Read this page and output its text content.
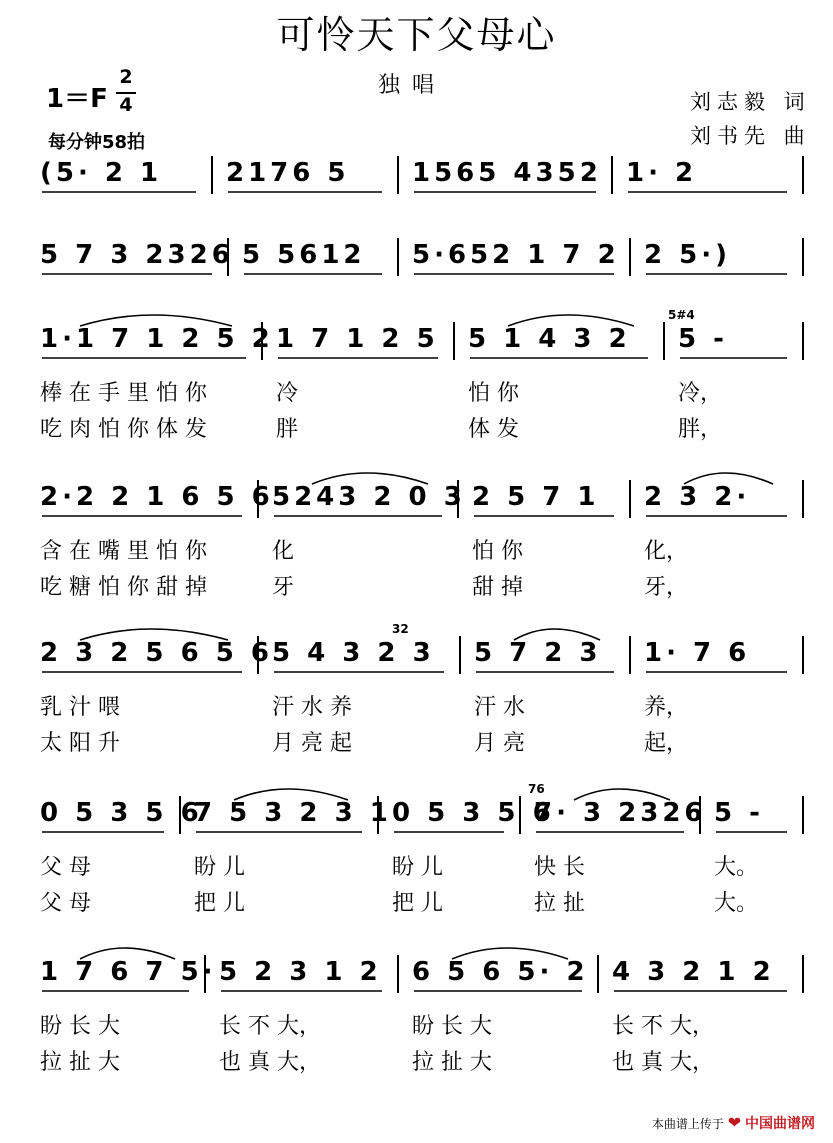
可怜天下父母心
1＝F
2
4
每分钟58拍
独唱
刘志毅 词
刘书先 曲
(5· 2 1	2176 5	1565 4352 1· 2
5 7 3 2326 5 5612	5·652 1 7 2 2 5·)
1·1 7 1 2 5 2
棒 在 手 里 怕 你
吃 肉 怕 你 体 发
1 7 1 2 5
冷
胖
5 1 4 3 2
怕 你
体 发
5 -
冷，
胖，
5#4
2·2 2 1 6 5 6
含 在 嘴 里 怕 你
吃 糖 怕 你 甜 掉
5243 2 0 3
化
牙
2 5 7 1
怕 你
甜 掉
2 3 2·
化，
牙，
2 3 2 5 6 5 6
乳 汁 喂
太 阳 升
5 4 3 2 3
汗 水 养
月 亮 起
5 7 2 3
汗 水
月 亮
1· 7 6
养，
起，
32
0 5 3 5 6
父 母
父 母
7 5 3 2 3 1
盼 儿
把 儿
0 5 3 5 6
盼 儿
把 儿
7· 3 2326
快 长
拉 扯
5 -
大。
大。
76
1 7 6 7 5·
盼 长 大
拉 扯 大
5 2 3 1 2
长 不 大，
也 真 大，
6 5 6 5· 2
盼 长 大
拉 扯 大
4 3 2 1 2
长 不 大，
也 真 大，
本曲谱上传于 ❤ 中国曲谱网
